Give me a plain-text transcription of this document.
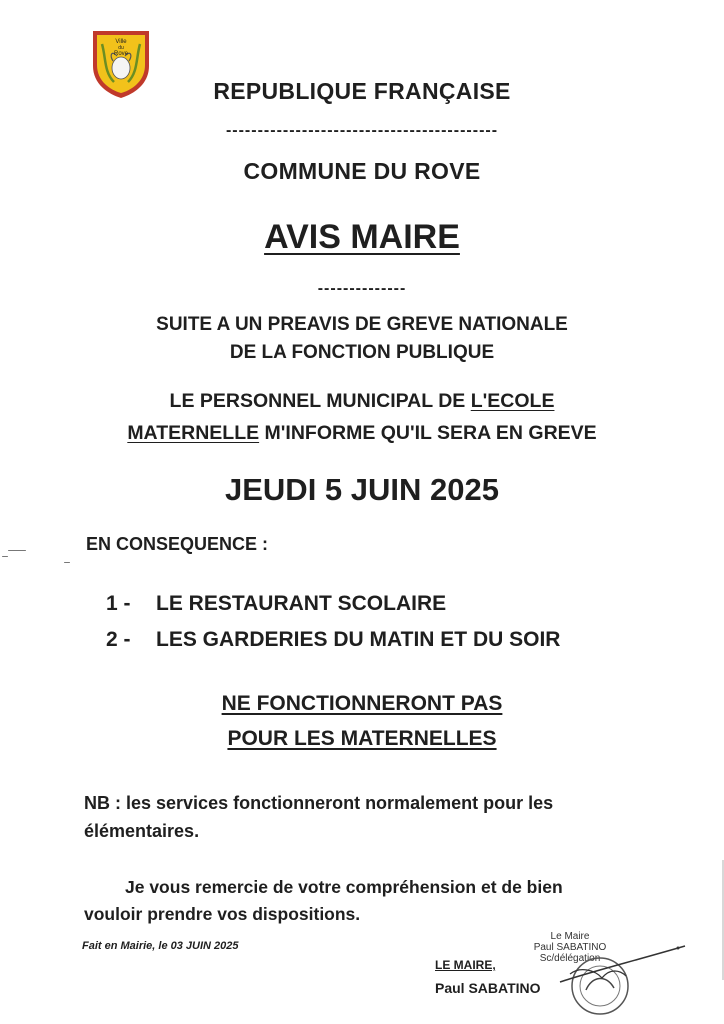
Ville
du
Rove
REPUBLIQUE FRANÇAISE
-------------------------------------------
COMMUNE DU ROVE
AVIS MAIRE
--------------
SUITE A UN PREAVIS DE GREVE NATIONALE
DE LA FONCTION PUBLIQUE
LE PERSONNEL MUNICIPAL DE L'ECOLE
MATERNELLE M'INFORME QU'IL SERA EN GREVE
JEUDI 5 JUIN 2025
EN CONSEQUENCE :
1 - LE RESTAURANT SCOLAIRE
2 - LES GARDERIES DU MATIN ET DU SOIR
NE FONCTIONNERONT PAS
POUR LES MATERNELLES
NB : les services fonctionneront normalement pour les
élémentaires.
Je vous remercie de votre compréhension et de bien
vouloir prendre vos dispositions.
Fait en Mairie, le 03 JUIN 2025
LE MAIRE,
Paul SABATINO
Le Maire
Paul SABATINO
Sc/délégation
